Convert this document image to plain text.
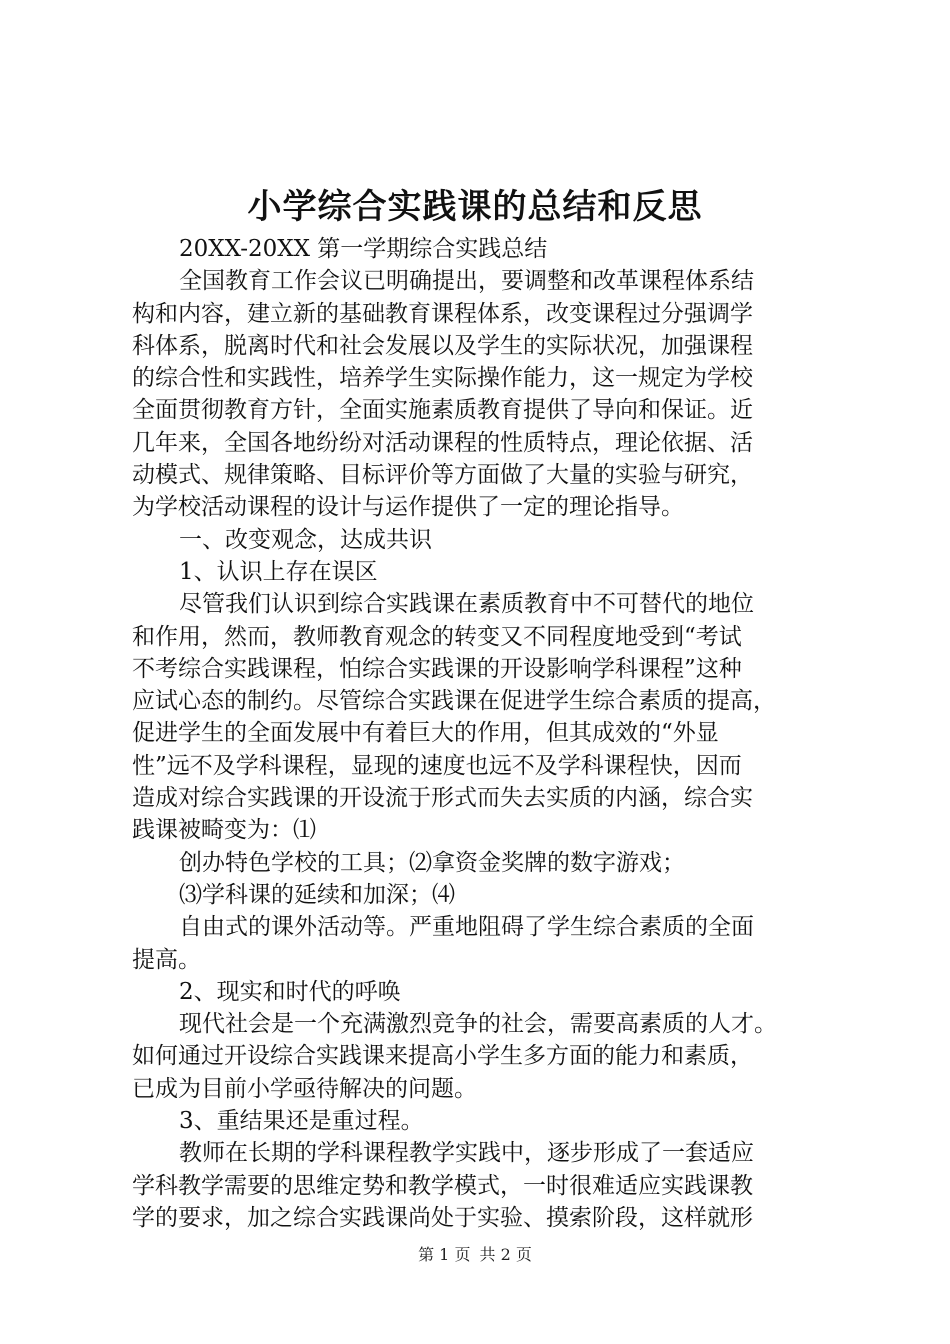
小学综合实践课的总结和反思
20XX-20XX 第一学期综合实践总结
全国教育工作会议已明确提出，要调整和改革课程体系结
构和内容，建立新的基础教育课程体系，改变课程过分强调学
科体系，脱离时代和社会发展以及学生的实际状况，加强课程
的综合性和实践性，培养学生实际操作能力，这一规定为学校
全面贯彻教育方针，全面实施素质教育提供了导向和保证。近
几年来，全国各地纷纷对活动课程的性质特点，理论依据、活
动模式、规律策略、目标评价等方面做了大量的实验与研究，
为学校活动课程的设计与运作提供了一定的理论指导。
一、改变观念，达成共识
1、认识上存在误区
尽管我们认识到综合实践课在素质教育中不可替代的地位
和作用，然而，教师教育观念的转变又不同程度地受到“考试
不考综合实践课程，怕综合实践课的开设影响学科课程”这种
应试心态的制约。尽管综合实践课在促进学生综合素质的提高，
促进学生的全面发展中有着巨大的作用，但其成效的“外显
性”远不及学科课程，显现的速度也远不及学科课程快，因而
造成对综合实践课的开设流于形式而失去实质的内涵，综合实
践课被畸变为：⑴
创办特色学校的工具；⑵拿资金奖牌的数字游戏；
⑶学科课的延续和加深；⑷
自由式的课外活动等。严重地阻碍了学生综合素质的全面
提高。
2、现实和时代的呼唤
现代社会是一个充满激烈竞争的社会，需要高素质的人才。
如何通过开设综合实践课来提高小学生多方面的能力和素质，
已成为目前小学亟待解决的问题。
3、重结果还是重过程。
教师在长期的学科课程教学实践中，逐步形成了一套适应
学科教学需要的思维定势和教学模式，一时很难适应实践课教
学的要求，加之综合实践课尚处于实验、摸索阶段，这样就形
第 1 页 共 2 页
